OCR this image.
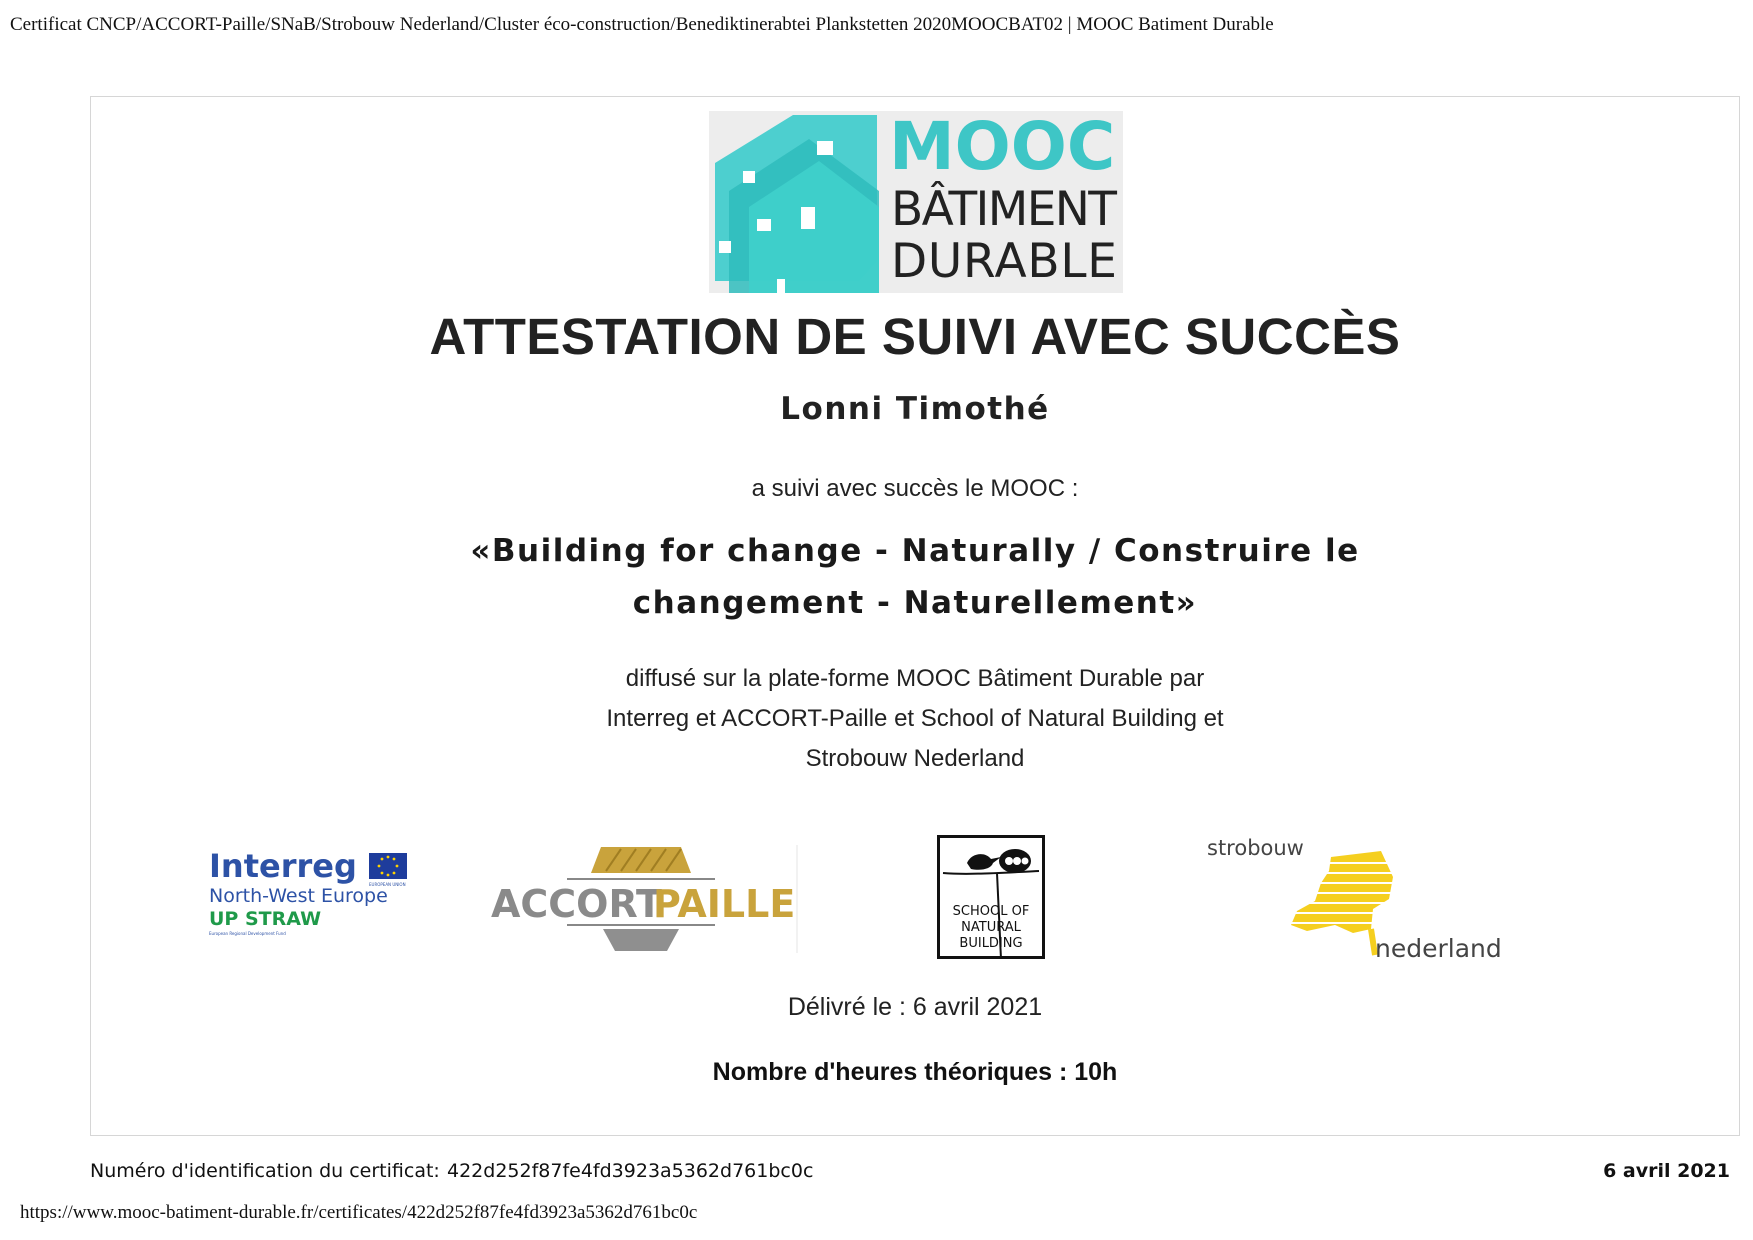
Certificat CNCP/ACCORT-Paille/SNaB/Strobouw Nederland/Cluster éco-construction/Benediktinerabtei Plankstetten 2020MOOCBAT02 | MOOC Batiment Durable
MOOC
BÂTIMENT
DURABLE
ATTESTATION DE SUIVI AVEC SUCCÈS
Lonni Timothé
a suivi avec succès le MOOC :
«Building for change - Naturally / Construire le
changement - Naturellement»
diffusé sur la plate-forme MOOC Bâtiment Durable par
Interreg et ACCORT-Paille et School of Natural Building et
Strobouw Nederland
Interreg	EUROPEAN UNION
North-West Europe
UP STRAW
European Regional Development Fund
ACCORT
PAILLE	SCHOOL OF
NATURAL
BUILDING
strobouw
nederland
Délivré le : 6 avril 2021
Nombre d'heures théoriques : 10h
Numéro d'identification du certificat: 422d252f87fe4fd3923a5362d761bc0c	6 avril 2021
https://www.mooc-batiment-durable.fr/certificates/422d252f87fe4fd3923a5362d761bc0c
